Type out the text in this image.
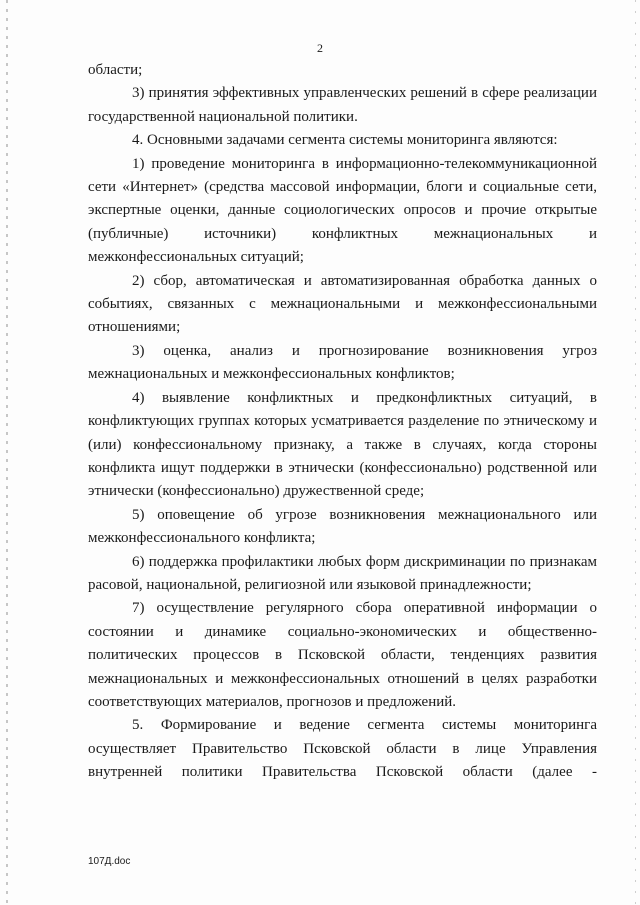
2

области;

3) принятия эффективных управленческих решений в сфере реализации государственной национальной политики.

4. Основными задачами сегмента системы мониторинга являются:

1) проведение мониторинга в информационно-телекоммуникационной сети «Интернет» (средства массовой информации, блоги и социальные сети, экспертные оценки, данные социологических опросов и прочие открытые (публичные) источники) конфликтных межнациональных и межконфессиональных ситуаций;

2) сбор, автоматическая и автоматизированная обработка данных о событиях, связанных с межнациональными и межконфессиональными отношениями;

3) оценка, анализ и прогнозирование возникновения угроз межнациональных и межконфессиональных конфликтов;

4) выявление конфликтных и предконфликтных ситуаций, в конфликтующих группах которых усматривается разделение по этническому и (или) конфессиональному признаку, а также в случаях, когда стороны конфликта ищут поддержки в этнически (конфессионально) родственной или этнически (конфессионально) дружественной среде;

5) оповещение об угрозе возникновения межнационального или межконфессионального конфликта;

6) поддержка профилактики любых форм дискриминации по признакам расовой, национальной, религиозной или языковой принадлежности;

7) осуществление регулярного сбора оперативной информации о состоянии и динамике социально-экономических и общественно-политических процессов в Псковской области, тенденциях развития межнациональных и межконфессиональных отношений в целях разработки соответствующих материалов, прогнозов и предложений.

5. Формирование и ведение сегмента системы мониторинга осуществляет Правительство Псковской области в лице Управления внутренней политики Правительства Псковской области (далее -

107Д.doc
